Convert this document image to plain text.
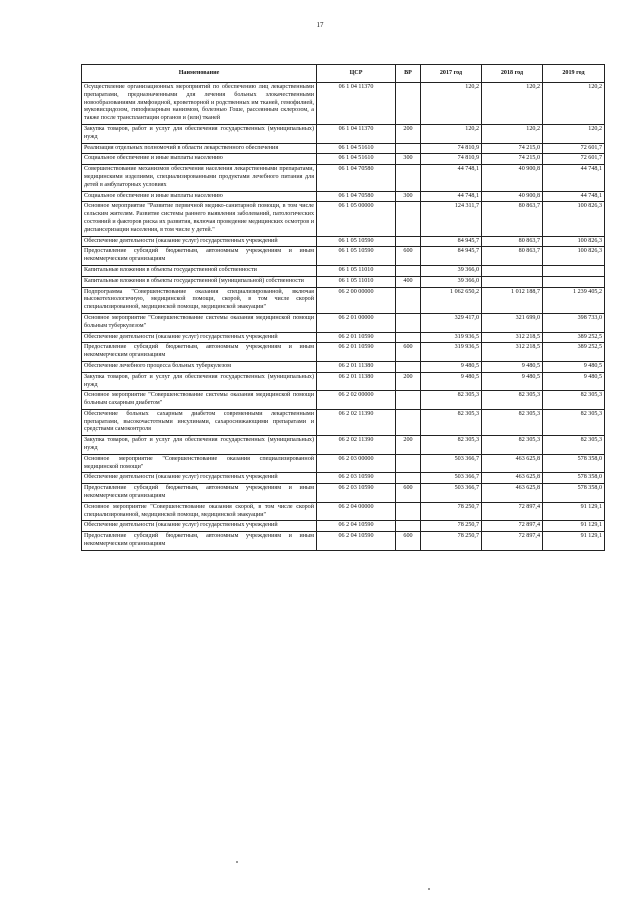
17
Наименование	ЦСР	ВР	2017 год	2018 год	2019 год
Осуществление организационных мероприятий по обеспечению лиц лекарственными препаратами, предназначенными для лечения больных злокачественными новообразованиями лимфоидной, кроветворной и родственных им тканей, гемофилией, муковисцидозом, гипофизарным нанизмом, болезнью Гоше, рассеянным склерозом, а также после трансплантации органов и (или) тканей	06 1 04 11370		120,2	120,2	120,2
Закупка товаров, работ и услуг для обеспечения государственных (муниципальных) нужд	06 1 04 11370	200	120,2	120,2	120,2
Реализация отдельных полномочий в области лекарственного обеспечения	06 1 04 51610		74 810,9	74 215,0	72 601,7
Социальное обеспечение и иные выплаты населению	06 1 04 51610	300	74 810,9	74 215,0	72 601,7
Совершенствование механизмов обеспечения населения лекарственными препаратами, медицинскими изделиями, специализированными продуктами лечебного питания для детей в амбулаторных условиях	06 1 04 70580		44 748,1	40 900,8	44 748,1
Социальное обеспечение и иные выплаты населению	06 1 04 70580	300	44 748,1	40 900,8	44 748,1
Основное мероприятие "Развитие первичной медико-санитарной помощи, в том числе сельским жителям. Развитие системы раннего выявления заболеваний, патологических состояний и факторов риска их развития, включая проведение медицинских осмотров и диспансеризации населения, в том числе у детей."	06 1 05 00000		124 311,7	80 863,7	100 826,3
Обеспечение деятельности (оказание услуг) государственных учреждений	06 1 05 10590		84 945,7	80 863,7	100 826,3
Предоставление субсидий бюджетным, автономным учреждениям и иным некоммерческим организациям	06 1 05 10590	600	84 945,7	80 863,7	100 826,3
Капитальные вложения в объекты государственной собственности	06 1 05 11010		39 366,0		
Капитальные вложения в объекты государственной (муниципальной) собственности	06 1 05 11010	400	39 366,0		
Подпрограмма "Совершенствование оказания специализированной, включая высокотехнологичную, медицинской помощи, скорой, в том числе скорой специализированной, медицинской помощи, медицинской эвакуации"	06 2 00 00000		1 062 650,2	1 012 188,7	1 239 405,2
Основное мероприятие "Совершенствование системы оказания медицинской помощи больным туберкулезом"	06 2 01 00000		329 417,0	321 699,0	398 733,0
Обеспечение деятельности (оказание услуг) государственных учреждений	06 2 01 10590		319 936,5	312 218,5	389 252,5
Предоставление субсидий бюджетным, автономным учреждениям и иным некоммерческим организациям	06 2 01 10590	600	319 936,5	312 218,5	389 252,5
Обеспечение лечебного процесса больных туберкулезом	06 2 01 11380		9 480,5	9 480,5	9 480,5
Закупка товаров, работ и услуг для обеспечения государственных (муниципальных) нужд	06 2 01 11380	200	9 480,5	9 480,5	9 480,5
Основное мероприятие "Совершенствование системы оказания медицинской помощи больным сахарным диабетом"	06 2 02 00000		82 305,3	82 305,3	82 305,3
Обеспечение больных сахарным диабетом современными лекарственными препаратами, высокочастотными инсулинами, сахароснижающими препаратами и средствами самоконтроля	06 2 02 11390		82 305,3	82 305,3	82 305,3
Закупка товаров, работ и услуг для обеспечения государственных (муниципальных) нужд	06 2 02 11390	200	82 305,3	82 305,3	82 305,3
Основное мероприятие "Совершенствование оказания специализированной медицинской помощи"	06 2 03 00000		503 366,7	463 625,8	578 358,0
Обеспечение деятельности (оказание услуг) государственных учреждений	06 2 03 10590		503 366,7	463 625,8	578 358,0
Предоставление субсидий бюджетным, автономным учреждениям и иным некоммерческим организациям	06 2 03 10590	600	503 366,7	463 625,8	578 358,0
Основное мероприятие "Совершенствование оказания скорой, в том числе скорой специализированной, медицинской помощи, медицинской эвакуации"	06 2 04 00000		78 250,7	72 897,4	91 129,1
Обеспечение деятельности (оказание услуг) государственных учреждений	06 2 04 10590		78 250,7	72 897,4	91 129,1
Предоставление субсидий бюджетным, автономным учреждениям и иным некоммерческим организациям	06 2 04 10590	600	78 250,7	72 897,4	91 129,1
